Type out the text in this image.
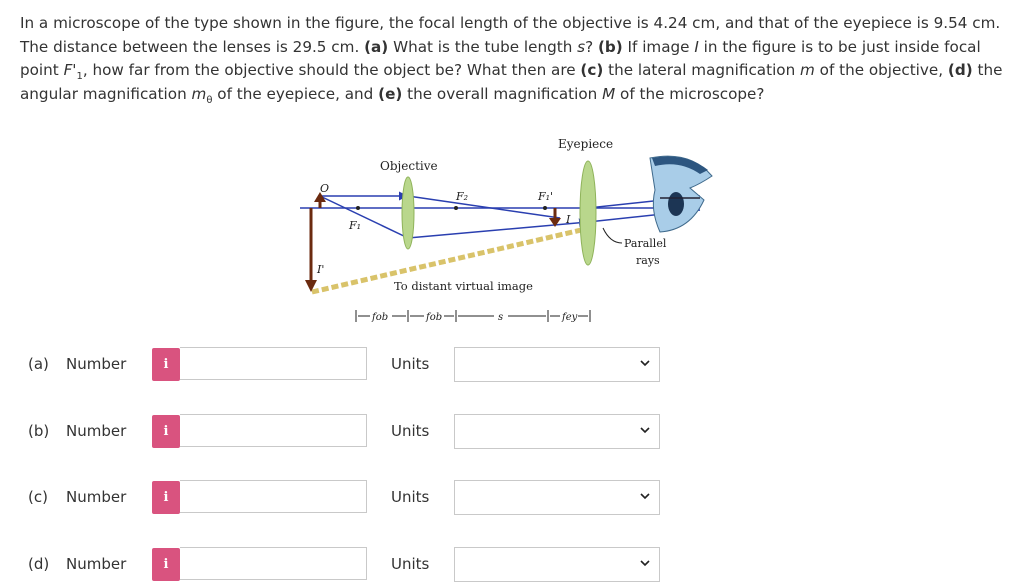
In a microscope of the type shown in the figure, the focal length of the objective is 4.24 cm, and that of the eyepiece is 9.54 cm. The distance between the lenses is 29.5 cm. (a) What is the tube length s? (b) If image I in the figure is to be just inside focal point $F'_1$, how far from the objective should the object be? What then are (c) the lateral magnification m of the objective, (d) the angular magnification $m_\theta$ of the eyepiece, and (e) the overall magnification M of the microscope?
Objective
Eyepiece
O
F₁
F₂	F₁'
I
I'
Parallel
rays
To distant virtual image
fob	fob	s	fey
(a) Number	i	Units
(b) Number	i	Units
(c) Number	i	Units
(d) Number	i	Units
